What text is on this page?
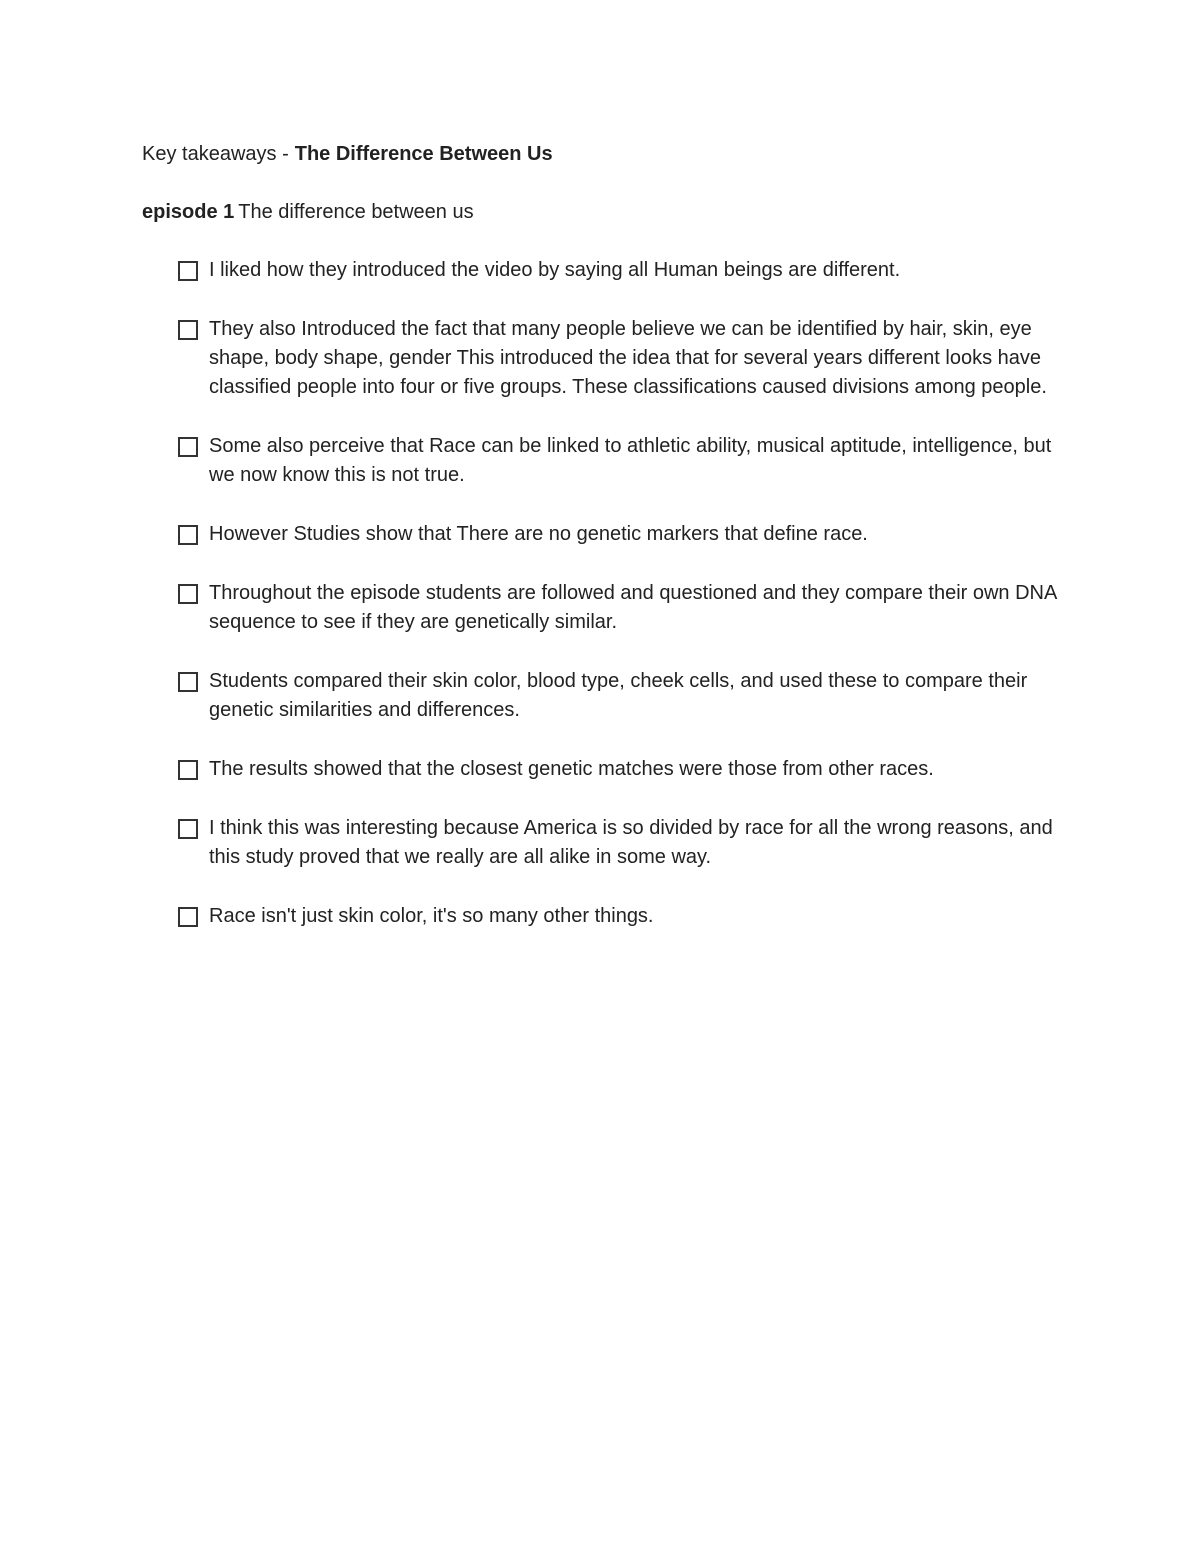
Key takeaways - The Difference Between Us
episode 1 The difference between us
I liked how they introduced the video by saying all Human beings are different.
They also Introduced the fact that many people believe we can be identified by hair, skin, eye shape, body shape, gender This introduced the idea that for several years different looks have classified people into four or five groups. These classifications caused divisions among people.
Some also perceive that Race can be linked to athletic ability, musical aptitude, intelligence, but we now know this is not true.
However Studies show that There are no genetic markers that define race.
Throughout the episode students are followed and questioned and they compare their own DNA sequence to see if they are genetically similar.
Students compared their skin color, blood type, cheek cells, and used these to compare their genetic similarities and differences.
The results showed that the closest genetic matches were those from other races.
I think this was interesting because America is so divided by race for all the wrong reasons, and this study proved that we really are all alike in some way.
Race isn't just skin color, it's so many other things.
